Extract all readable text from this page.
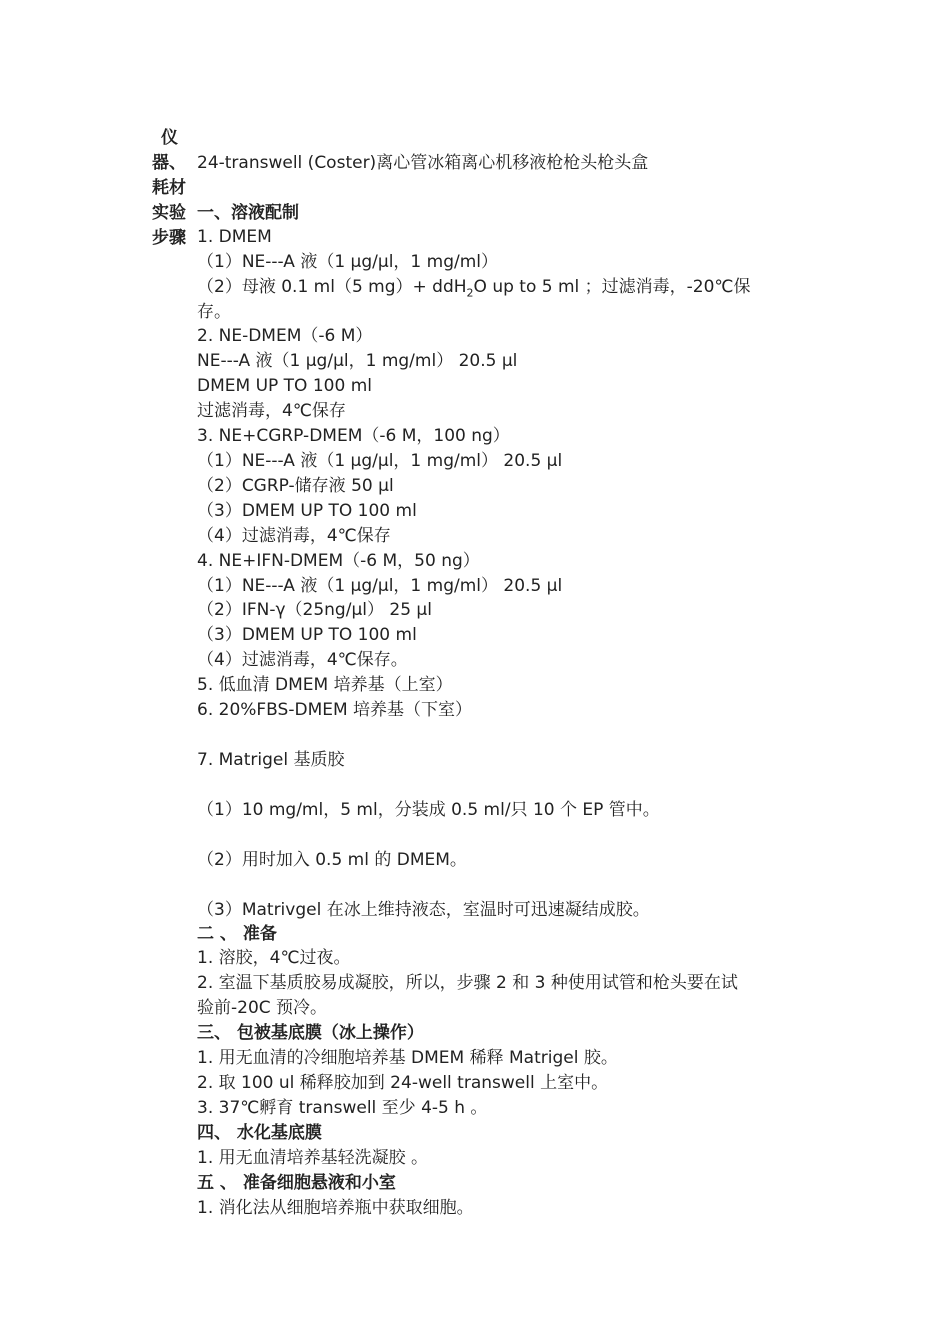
仪
器、
耗材
实验
步骤
24-transwell (Coster)离心管冰箱离心机移液枪枪头枪头盒
一、溶液配制
1. DMEM
（1）NE---A 液（1 μg/μl，1 mg/ml）
（2）母液 0.1 ml（5 mg）+ ddH$_2$O up to 5 ml ；过滤消毒，-20℃保
存。
2. NE-DMEM（-6 M）
NE---A 液（1 μg/μl，1 mg/ml） 20.5 μl
DMEM UP TO 100 ml
过滤消毒，4℃保存
3. NE+CGRP-DMEM（-6 M，100 ng）
（1）NE---A 液（1 μg/μl，1 mg/ml） 20.5 μl
（2）CGRP-储存液 50 μl
（3）DMEM UP TO 100 ml
（4）过滤消毒，4℃保存
4. NE+IFN-DMEM（-6 M，50 ng）
（1）NE---A 液（1 μg/μl，1 mg/ml） 20.5 μl
（2）IFN-γ（25ng/μl） 25 μl
（3）DMEM UP TO 100 ml
（4）过滤消毒，4℃保存。
5. 低血清 DMEM 培养基（上室）
6. 20%FBS-DMEM 培养基（下室）
7. Matrigel 基质胶
（1）10 mg/ml，5 ml，分装成 0.5 ml/只 10 个 EP 管中。
（2）用时加入 0.5 ml 的 DMEM。
（3）Matrivgel 在冰上维持液态，室温时可迅速凝结成胶。
二 、 准备
1. 溶胶，4℃过夜。
2. 室温下基质胶易成凝胶，所以，步骤 2 和 3 种使用试管和枪头要在试
验前-20C 预冷。
三、 包被基底膜（冰上操作）
1. 用无血清的冷细胞培养基 DMEM 稀释 Matrigel 胶。
2. 取 100 ul 稀释胶加到 24-well transwell 上室中。
3. 37℃孵育 transwell 至少 4-5 h 。
四、 水化基底膜
1. 用无血清培养基轻洗凝胶 。
五 、 准备细胞悬液和小室
1. 消化法从细胞培养瓶中获取细胞。
